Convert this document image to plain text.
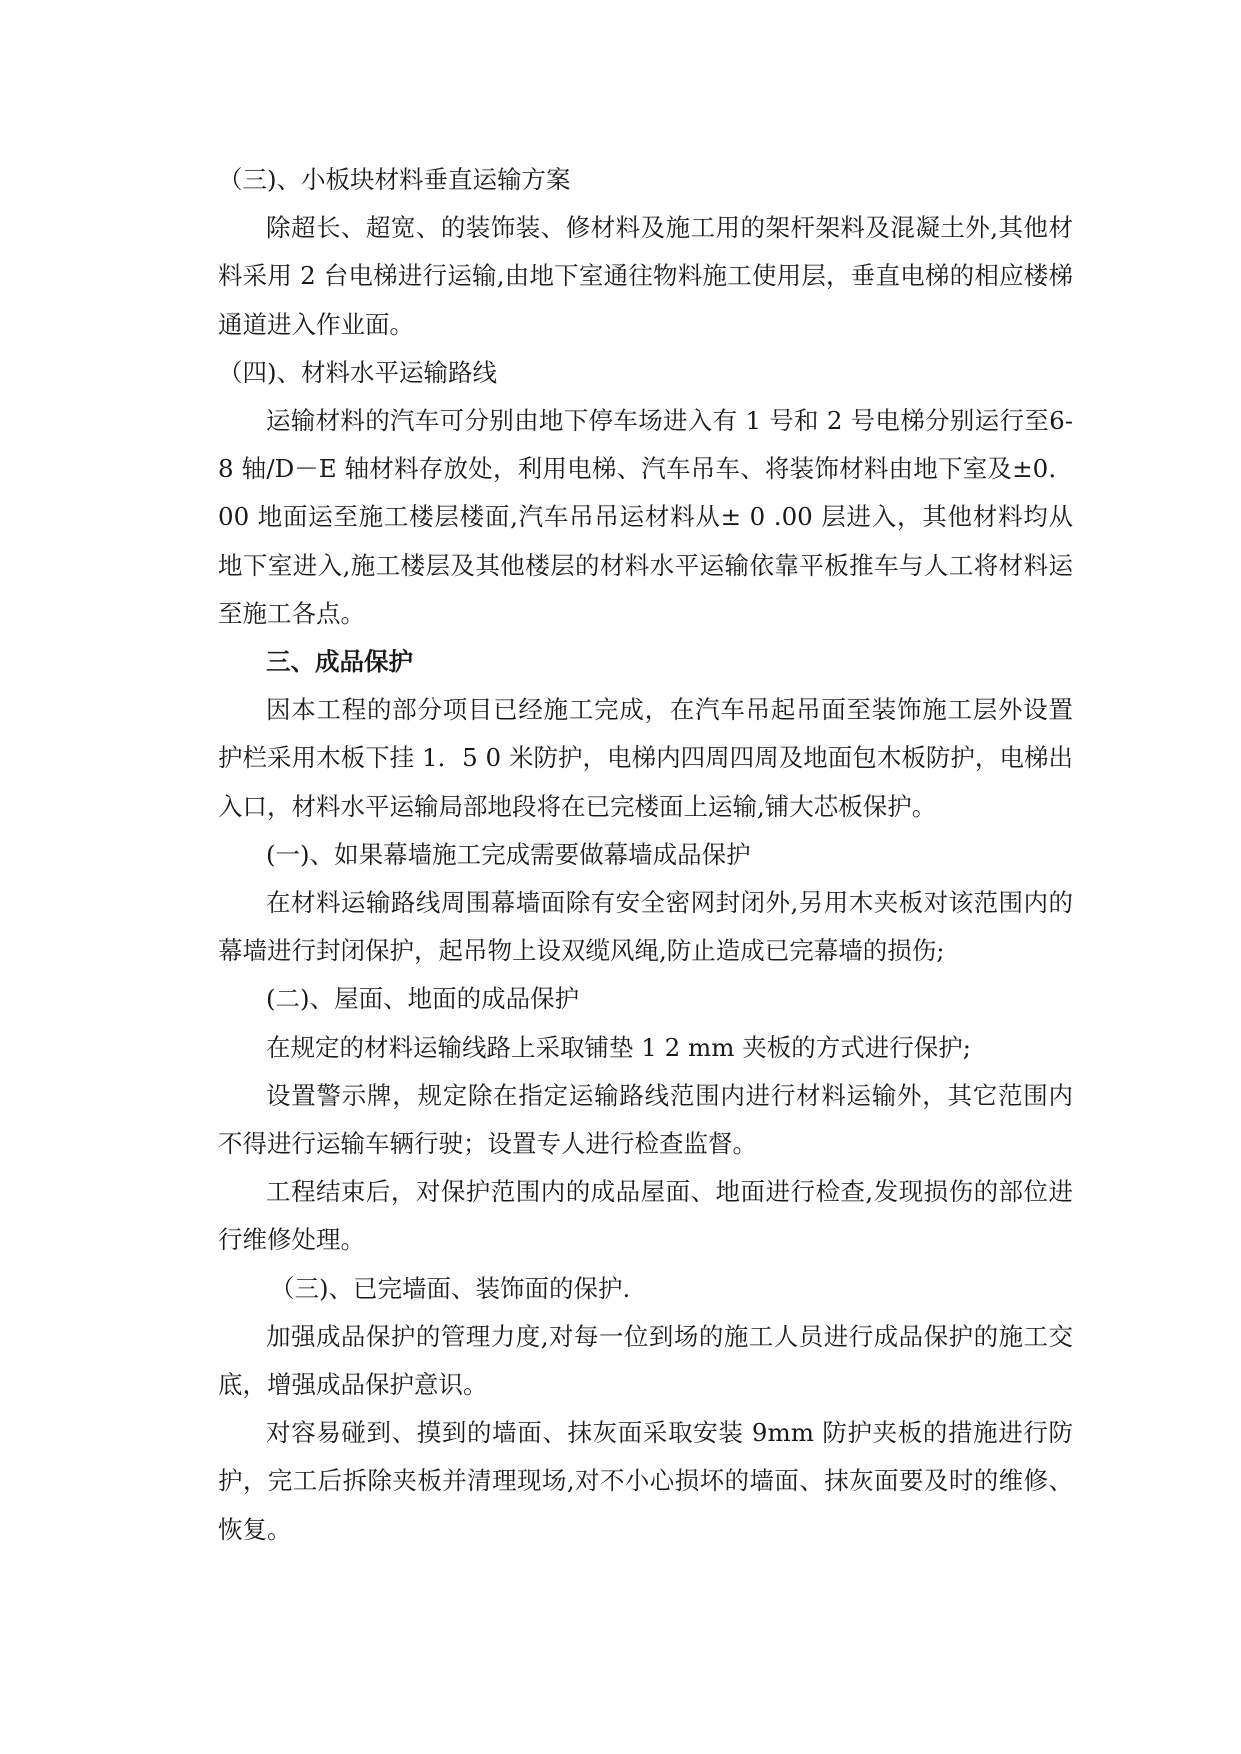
（三)、小板块材料垂直运输方案

除超长、超宽、的装饰装、修材料及施工用的架杆架料及混凝土外,其他材料采用 2 台电梯进行运输,由地下室通往物料施工使用层，垂直电梯的相应楼梯通道进入作业面。

（四)、材料水平运输路线

运输材料的汽车可分别由地下停车场进入有 1 号和 2 号电梯分别运行至6-8 轴/D－E 轴材料存放处，利用电梯、汽车吊车、将装饰材料由地下室及±0．00 地面运至施工楼层楼面,汽车吊吊运材料从± 0 .00 层进入，其他材料均从地下室进入,施工楼层及其他楼层的材料水平运输依靠平板推车与人工将材料运至施工各点。

三、成品保护

因本工程的部分项目已经施工完成，在汽车吊起吊面至装饰施工层外设置护栏采用木板下挂 1．5 0 米防护，电梯内四周四周及地面包木板防护，电梯出入口，材料水平运输局部地段将在已完楼面上运输,铺大芯板保护。

(一)、如果幕墙施工完成需要做幕墙成品保护

在材料运输路线周围幕墙面除有安全密网封闭外,另用木夹板对该范围内的幕墙进行封闭保护，起吊物上设双缆风绳,防止造成已完幕墙的损伤;

(二)、屋面、地面的成品保护

在规定的材料运输线路上采取铺垫 1 2 mm 夹板的方式进行保护;

设置警示牌，规定除在指定运输路线范围内进行材料运输外，其它范围内不得进行运输车辆行驶；设置专人进行检查监督。

工程结束后，对保护范围内的成品屋面、地面进行检查,发现损伤的部位进行维修处理。

（三)、已完墙面、装饰面的保护.

加强成品保护的管理力度,对每一位到场的施工人员进行成品保护的施工交底，增强成品保护意识。

对容易碰到、摸到的墙面、抹灰面采取安装 9mm 防护夹板的措施进行防护，完工后拆除夹板并清理现场,对不小心损坏的墙面、抹灰面要及时的维修、恢复。
